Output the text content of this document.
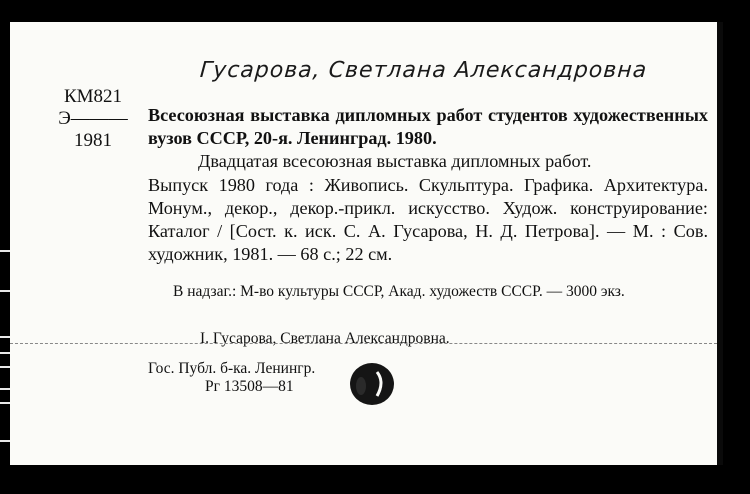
Гусарова, Светлана Александровна
КМ821
Э———
1981

Всесоюзная выставка дипломных работ студентов художественных вузов СССР, 20-я. Ленинград. 1980.

Двадцатая всесоюзная выставка дипломных работ.

Выпуск 1980 года : Живопись. Скульптура. Графика. Архитектура. Монум., декор., декор.-прикл. искусство. Худож. конструирование: Каталог / [Сост. к. иск. С. А. Гусарова, Н. Д. Петрова]. — М. : Сов. художник, 1981. — 68 с.; 22 см.

В надзаг.: М-во культуры СССР, Акад. художеств СССР. — 3000 экз.

I. Гусарова, Светлана Александровна.
Гос. Публ. б-ка. Ленингр.
Рг 13508—81
